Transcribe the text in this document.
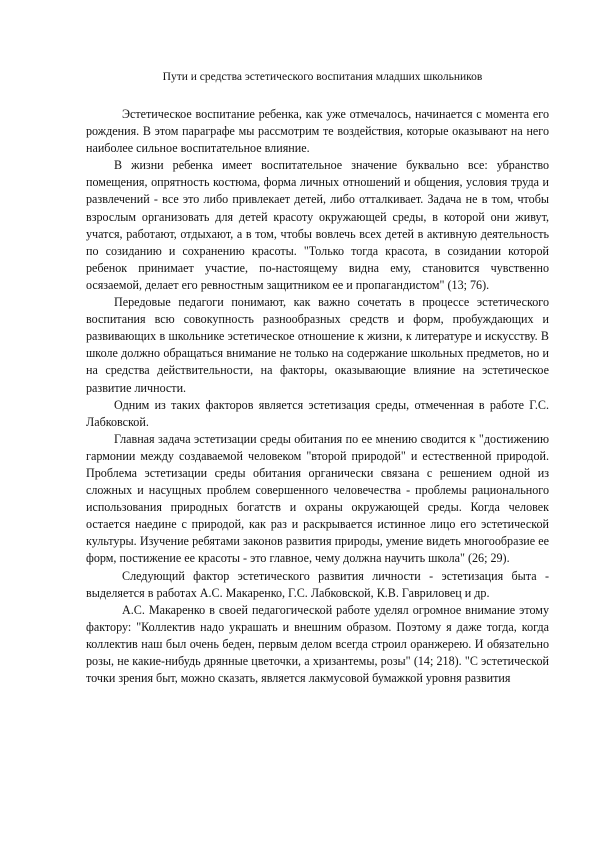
Пути и средства эстетического воспитания младших школьников

Эстетическое воспитание ребенка, как уже отмечалось, начинается с момента его рождения. В этом параграфе мы рассмотрим те воздействия, которые оказывают на него наиболее сильное воспитательное влияние.

В жизни ребенка имеет воспитательное значение буквально все: убранство помещения, опрятность костюма, форма личных отношений и общения, условия труда и развлечений - все это либо привлекает детей, либо отталкивает. Задача не в том, чтобы взрослым организовать для детей красоту окружающей среды, в которой они живут, учатся, работают, отдыхают, а в том, чтобы вовлечь всех детей в активную деятельность по созиданию и сохранению красоты. "Только тогда красота, в созидании которой ребенок принимает участие, по-настоящему видна ему, становится чувственно осязаемой, делает его ревностным защитником ее и пропагандистом" (13; 76).

Передовые педагоги понимают, как важно сочетать в процессе эстетического воспитания всю совокупность разнообразных средств и форм, пробуждающих и развивающих в школьнике эстетическое отношение к жизни, к литературе и искусству. В школе должно обращаться внимание не только на содержание школьных предметов, но и на средства действительности, на факторы, оказывающие влияние на эстетическое развитие личности.

Одним из таких факторов является эстетизация среды, отмеченная в работе Г.С. Лабковской.

Главная задача эстетизации среды обитания по ее мнению сводится к "достижению гармонии между создаваемой человеком "второй природой" и естественной природой. Проблема эстетизации среды обитания органически связана с решением одной из сложных и насущных проблем совершенного человечества - проблемы рационального использования природных богатств и охраны окружающей среды. Когда человек остается наедине с природой, как раз и раскрывается истинное лицо его эстетической культуры. Изучение ребятами законов развития природы, умение видеть многообразие ее форм, постижение ее красоты - это главное, чему должна научить школа" (26; 29).

Следующий фактор эстетического развития личности - эстетизация быта - выделяется в работах А.С. Макаренко, Г.С. Лабковской, К.В. Гавриловец и др.

А.С. Макаренко в своей педагогической работе уделял огромное внимание этому фактору: "Коллектив надо украшать и внешним образом. Поэтому я даже тогда, когда коллектив наш был очень беден, первым делом всегда строил оранжерею. И обязательно розы, не какие-нибудь дрянные цветочки, а хризантемы, розы" (14; 218). "С эстетической точки зрения быт, можно сказать, является лакмусовой бумажкой уровня развития
